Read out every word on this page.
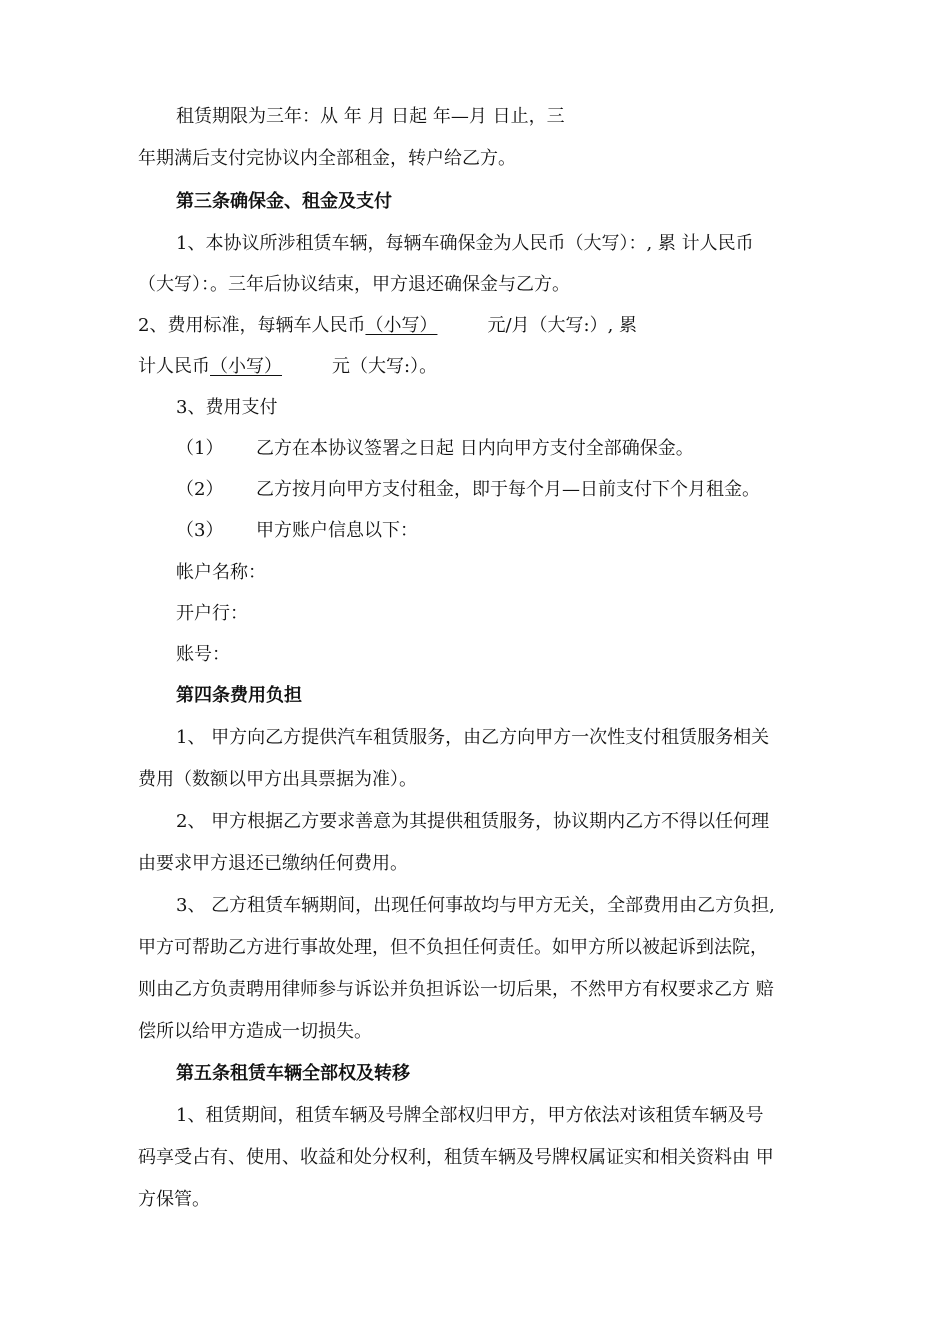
租赁期限为三年：从 年 月 日起 年—月 日止，三
年期满后支付完协议内全部租金，转户给乙方。
第三条确保金、租金及支付
1、本协议所涉租赁车辆，每辆车确保金为人民币（大写）：, 累 计人民币
（大写）：。三年后协议结束，甲方退还确保金与乙方。
2、费用标准，每辆车人民币（小写）	元/月（大写:）, 累
计人民币（小写）	元（大写:）。
3、费用支付
（1） 乙方在本协议签署之日起 日内向甲方支付全部确保金。
（2） 乙方按月向甲方支付租金，即于每个月—日前支付下个月租金。
（3） 甲方账户信息以下：
帐户名称：
开户行：
账号：
第四条费用负担
1、 甲方向乙方提供汽车租赁服务，由乙方向甲方一次性支付租赁服务相关
费用（数额以甲方出具票据为准）。
2、 甲方根据乙方要求善意为其提供租赁服务，协议期内乙方不得以任何理
由要求甲方退还已缴纳任何费用。
3、 乙方租赁车辆期间，出现任何事故均与甲方无关，全部费用由乙方负担,
甲方可帮助乙方进行事故处理，但不负担任何责任。如甲方所以被起诉到法院，
则由乙方负责聘用律师参与诉讼并负担诉讼一切后果，不然甲方有权要求乙方 赔
偿所以给甲方造成一切损失。
第五条租赁车辆全部权及转移
1、租赁期间，租赁车辆及号牌全部权归甲方，甲方依法对该租赁车辆及号
码享受占有、使用、收益和处分权利，租赁车辆及号牌权属证实和相关资料由 甲
方保管。
